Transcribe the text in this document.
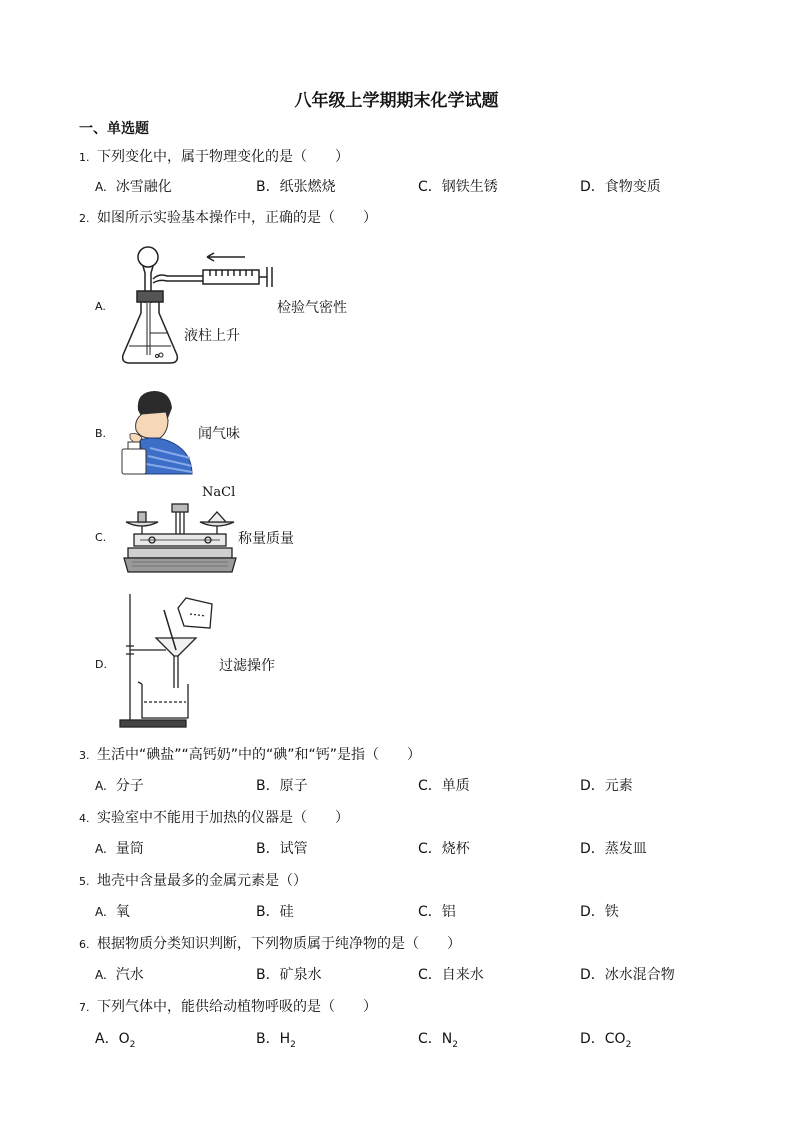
八年级上学期期末化学试题
一、单选题
1. 下列变化中，属于物理变化的是（　　）
A. 冰雪融化	B．纸张燃烧	C．钢铁生锈	D．食物变质
2. 如图所示实验基本操作中，正确的是（　　）
A.
液柱上升
检验气密性
B.	闻气味
C.
NaCl
称量质量
D.	过滤操作
3. 生活中“碘盐”“高钙奶”中的“碘”和“钙”是指（　　）
A. 分子	B．原子	C．单质	D．元素
4. 实验室中不能用于加热的仪器是（　　）
A. 量筒	B．试管	C．烧杯	D．蒸发皿
5. 地壳中含量最多的金属元素是（）
A. 氧	B．硅	C．铝	D．铁
6. 根据物质分类知识判断，下列物质属于纯净物的是（　　）
A. 汽水	B．矿泉水	C．自来水	D．冰水混合物
7. 下列气体中，能供给动植物呼吸的是（　　）
A．$O_2$	B．$H_2$	C．$N_2$	D．$CO_2$
